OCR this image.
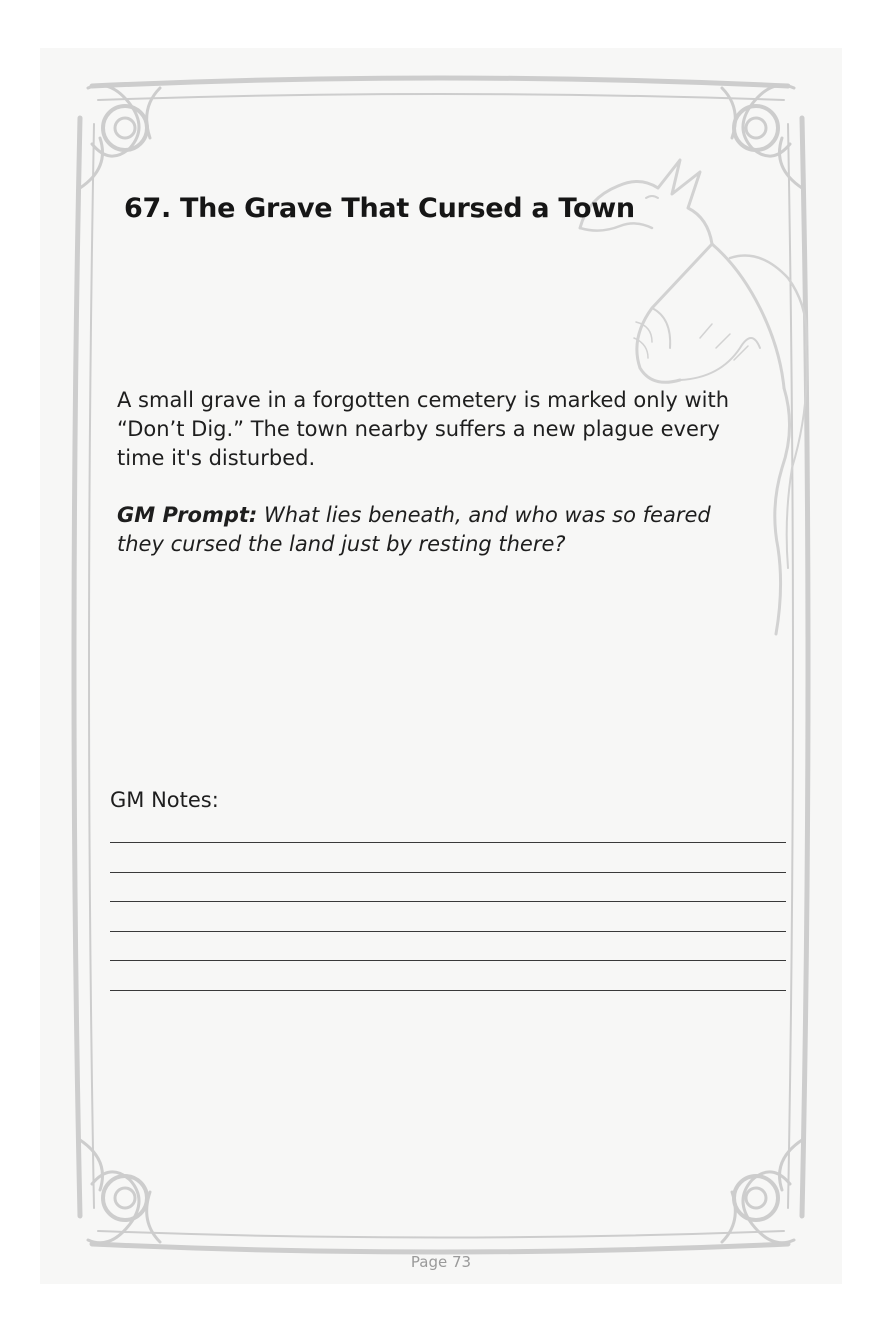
67. The Grave That Cursed a Town

A small grave in a forgotten cemetery is marked only with “Don’t Dig.” The town nearby suffers a new plague every time it's disturbed.

GM Prompt: What lies beneath, and who was so feared they cursed the land just by resting there?

GM Notes:

Page 73
